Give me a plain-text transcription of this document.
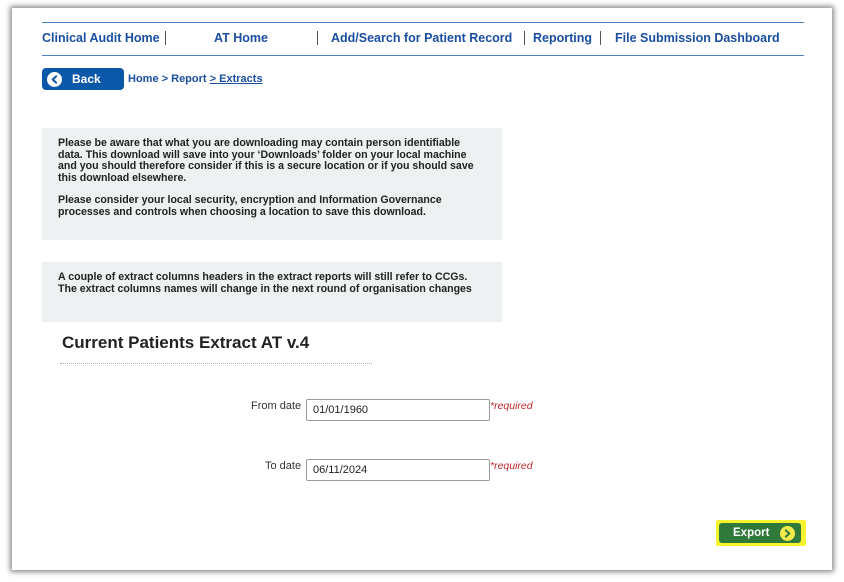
Clinical Audit Home	AT Home	Add/Search for Patient Record Reporting File Submission Dashboard
Back Home > Report > Extracts

Please be aware that what you are downloading may contain person identifiable data. This download will save into your ‘Downloads’ folder on your local machine and you should therefore consider if this is a secure location or if you should save this download elsewhere.

Please consider your local security, encryption and Information Governance processes and controls when choosing a location to save this download.

A couple of extract columns headers in the extract reports will still refer to CCGs. The extract columns names will change in the next round of organisation changes

Current Patients Extract AT v.4
From date
01/01/1960	*required
To date
06/11/2024	*required
Export
